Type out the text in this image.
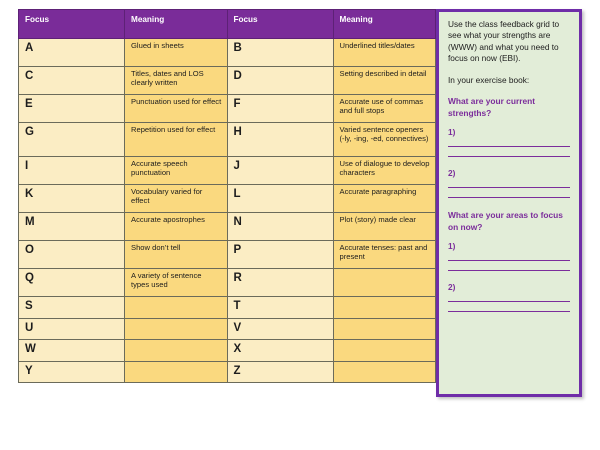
Focus	Meaning	Focus	Meaning
A	Glued in sheets	B	Underlined titles/dates
C	Titles, dates and LOS clearly written	D	Setting described in detail
E	Punctuation used for effect	F	Accurate use of commas and full stops
G	Repetition used for effect	H	Varied sentence openers (-ly, -ing, -ed, connectives)
I	Accurate speech punctuation	J	Use of dialogue to develop characters
K	Vocabulary varied for effect	L	Accurate paragraphing
M	Accurate apostrophes	N	Plot (story) made clear
O	Show don’t tell	P	Accurate tenses: past and present
Q	A variety of sentence types used	R	
S		T	
U		V	
W		X	
Y		Z	

Use the class feedback grid to see what your strengths are (WWW) and what you need to focus on now (EBI).

In your exercise book:

What are your current strengths?

1)

2)

What are your areas to focus on now?

1)

2)
